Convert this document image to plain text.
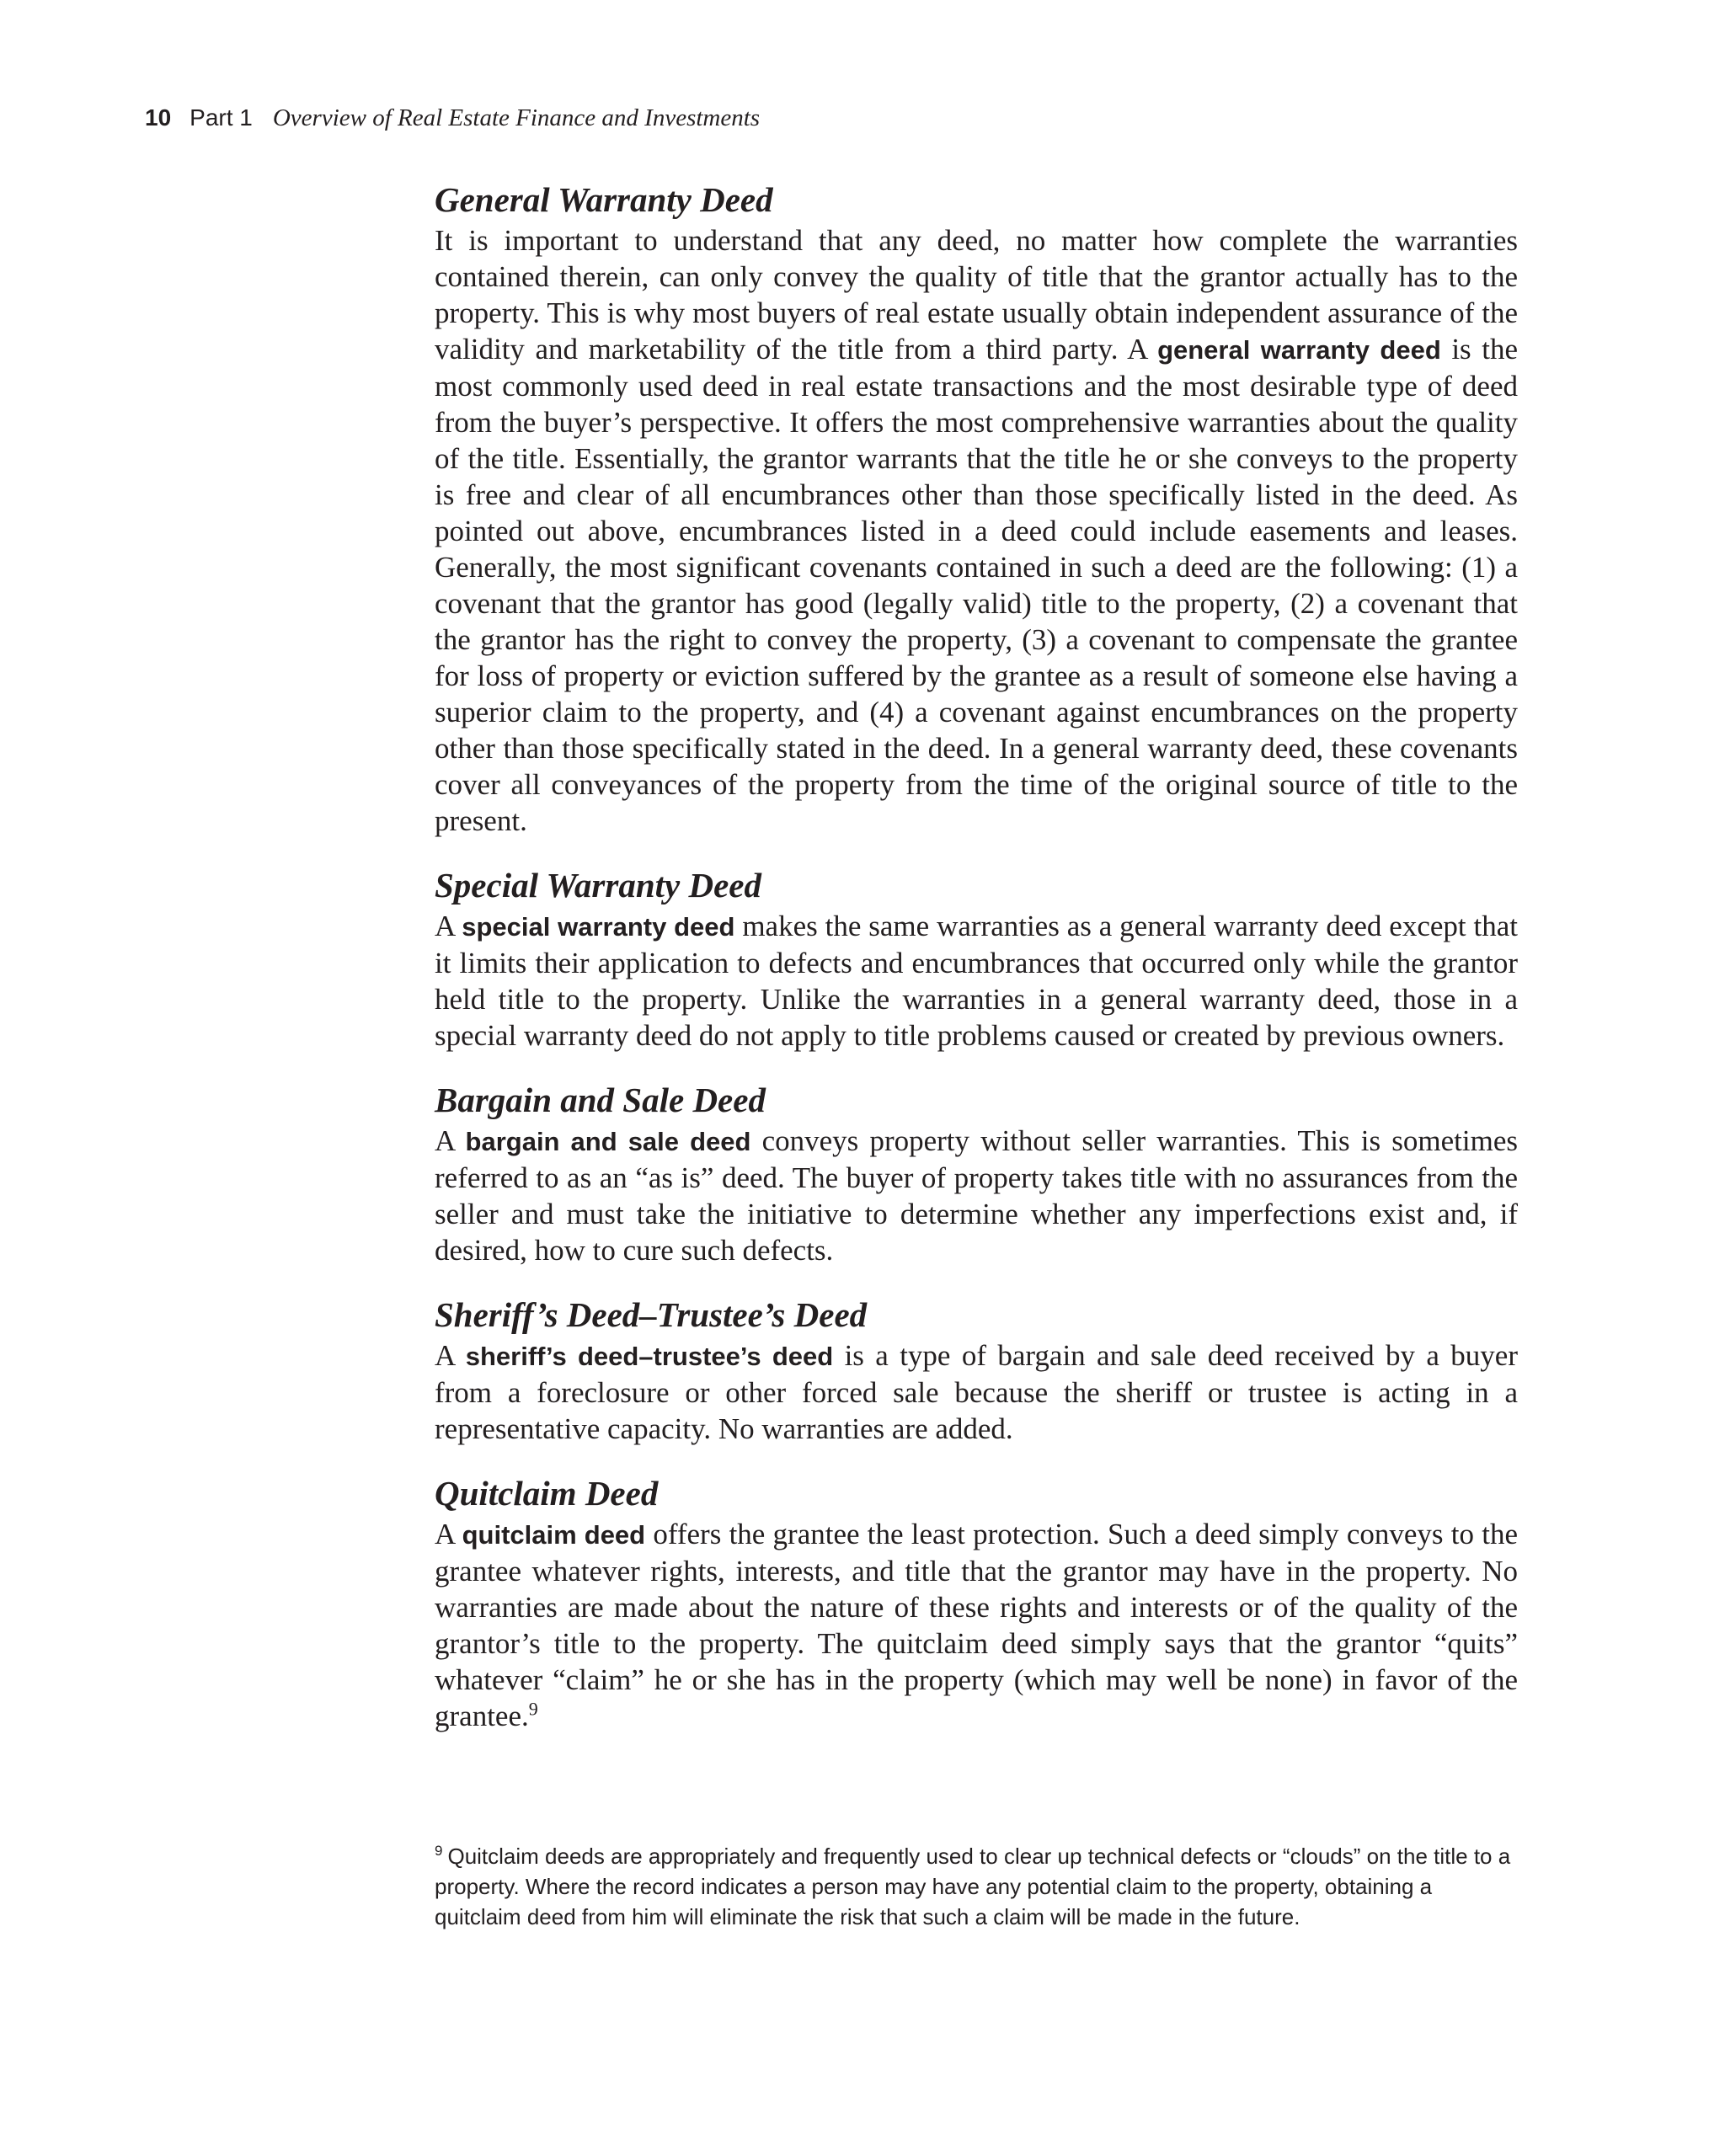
10 Part 1 Overview of Real Estate Finance and Investments
General Warranty Deed

It is important to understand that any deed, no matter how complete the warranties contained therein, can only convey the quality of title that the grantor actually has to the property. This is why most buyers of real estate usually obtain independent assurance of the validity and marketability of the title from a third party. A general warranty deed is the most commonly used deed in real estate transactions and the most desirable type of deed from the buyer’s perspective. It offers the most comprehensive warranties about the quality of the title. Essentially, the grantor warrants that the title he or she conveys to the property is free and clear of all encumbrances other than those specifically listed in the deed. As pointed out above, encumbrances listed in a deed could include easements and leases. Generally, the most significant covenants contained in such a deed are the following: (1) a covenant that the grantor has good (legally valid) title to the property, (2) a covenant that the grantor has the right to convey the property, (3) a covenant to compensate the grantee for loss of property or eviction suffered by the grantee as a result of someone else having a superior claim to the property, and (4) a covenant against encumbrances on the property other than those specifically stated in the deed. In a general warranty deed, these covenants cover all conveyances of the property from the time of the original source of title to the present.

Special Warranty Deed

A special warranty deed makes the same warranties as a general warranty deed except that it limits their application to defects and encumbrances that occurred only while the grantor held title to the property. Unlike the warranties in a general warranty deed, those in a special warranty deed do not apply to title problems caused or created by previous owners.

Bargain and Sale Deed

A bargain and sale deed conveys property without seller warranties. This is sometimes referred to as an “as is” deed. The buyer of property takes title with no assurances from the seller and must take the initiative to determine whether any imperfections exist and, if desired, how to cure such defects.

Sheriff’s Deed–Trustee’s Deed

A sheriff’s deed–trustee’s deed is a type of bargain and sale deed received by a buyer from a foreclosure or other forced sale because the sheriff or trustee is acting in a representative capacity. No warranties are added.

Quitclaim Deed

A quitclaim deed offers the grantee the least protection. Such a deed simply conveys to the grantee whatever rights, interests, and title that the grantor may have in the property. No warranties are made about the nature of these rights and interests or of the quality of the grantor’s title to the property. The quitclaim deed simply says that the grantor “quits” whatever “claim” he or she has in the property (which may well be none) in favor of the grantee.$^9$

$^9$ Quitclaim deeds are appropriately and frequently used to clear up technical defects or “clouds” on the title to a property. Where the record indicates a person may have any potential claim to the property, obtaining a quitclaim deed from him will eliminate the risk that such a claim will be made in the future.
